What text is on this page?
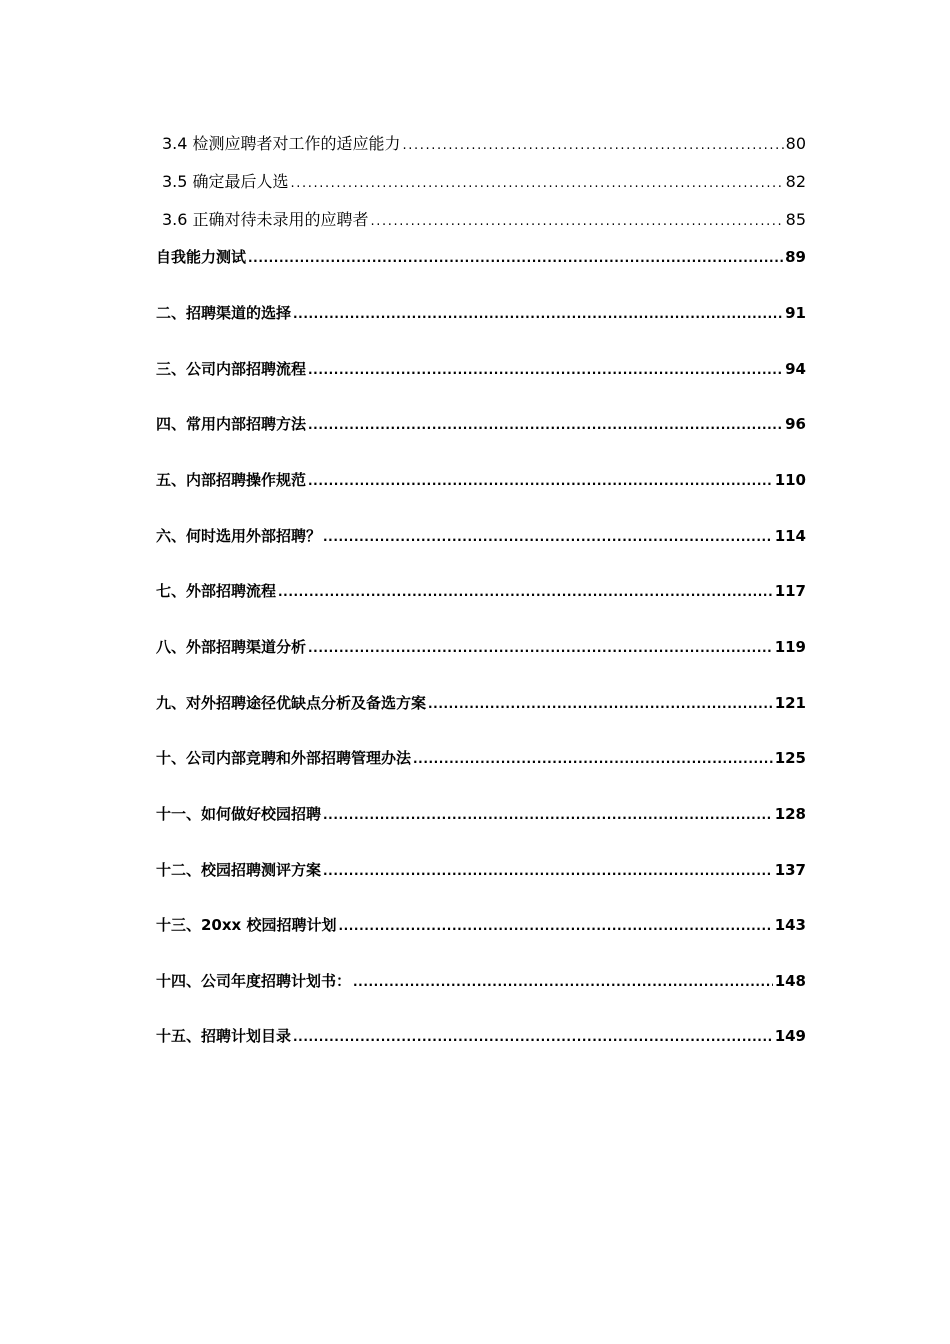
3.4 检测应聘者对工作的适应能力 .....	80
3.5 确定最后人选 .....	82
3.6 正确对待未录用的应聘者 .....	85
自我能力测试 .....	89
二、招聘渠道的选择 .....	91
三、公司内部招聘流程 .....	94
四、常用内部招聘方法 .....	96
五、内部招聘操作规范 .....	110
六、何时选用外部招聘？ .....	114
七、外部招聘流程 .....	117
八、外部招聘渠道分析 .....	119
九、对外招聘途径优缺点分析及备选方案 .....	121
十、公司内部竞聘和外部招聘管理办法 .....	125
十一、如何做好校园招聘 .....	128
十二、校园招聘测评方案 .....	137
十三、20xx 校园招聘计划 .....	143
十四、公司年度招聘计划书： .....	148
十五、招聘计划目录 .....	149
